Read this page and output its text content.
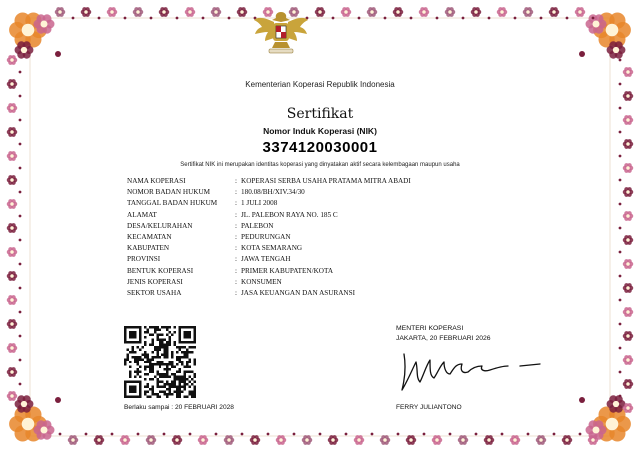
Kementerian Koperasi Republik Indonesia
Sertifikat
Nomor Induk Koperasi (NIK)
3374120030001
Sertifikat NIK ini merupakan identitas koperasi yang dinyatakan aktif secara kelembagaan maupun usaha
NAMA KOPERASI	: KOPERASI SERBA USAHA PRATAMA MITRA ABADI
NOMOR BADAN HUKUM	: 180.08/BH/XIV.34/30
TANGGAL BADAN HUKUM	: 1 JULI 2008
ALAMAT	: JL. PALEBON RAYA NO. 185 C
DESA/KELURAHAN	: PALEBON
KECAMATAN	: PEDURUNGAN
KABUPATEN	: KOTA SEMARANG
PROVINSI	: JAWA TENGAH
BENTUK KOPERASI	: PRIMER KABUPATEN/KOTA
JENIS KOPERASI	: KONSUMEN
SEKTOR USAHA	: JASA KEUANGAN DAN ASURANSI
Berlaku sampai : 20 FEBRUARI 2028
MENTERI KOPERASI
JAKARTA, 20 FEBRUARI 2026
FERRY JULIANTONO
